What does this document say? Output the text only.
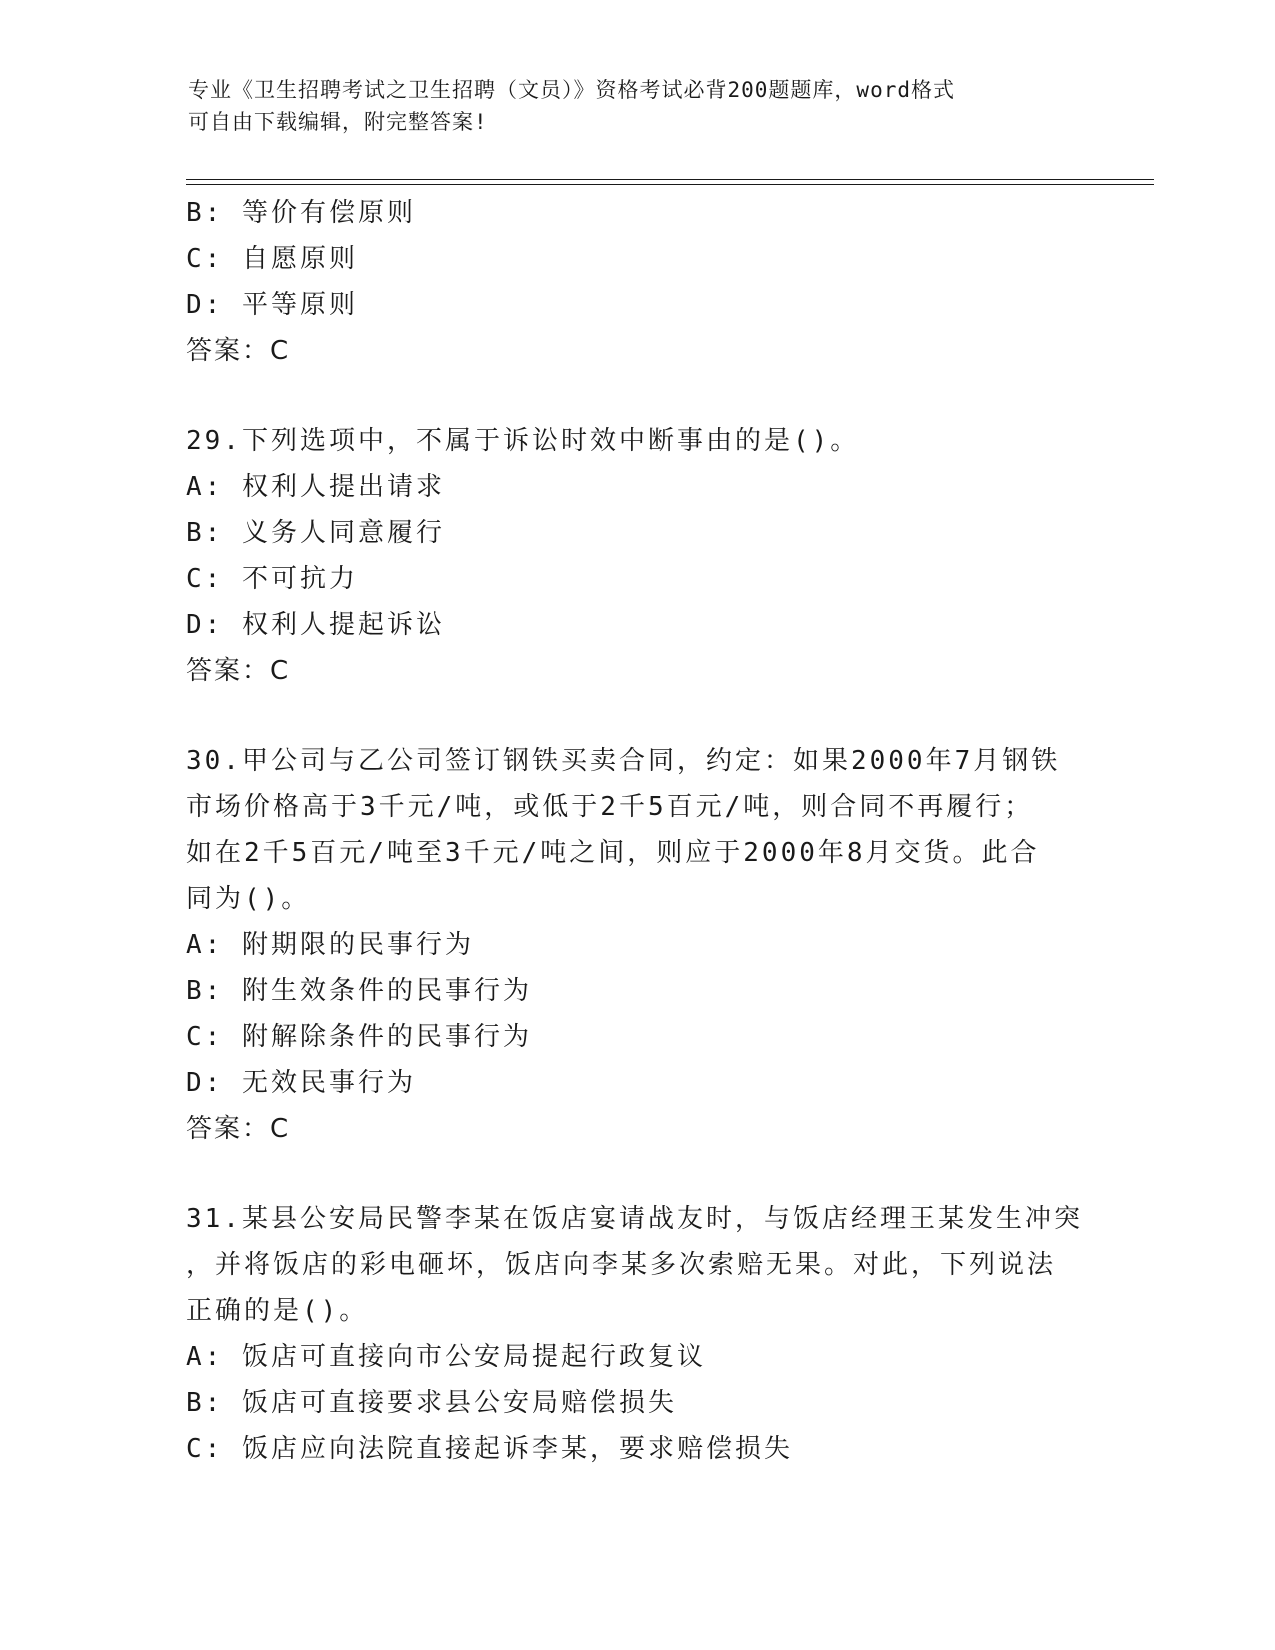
专业《卫生招聘考试之卫生招聘（文员）》资格考试必背200题题库，word格式
可自由下载编辑，附完整答案!
B: 等价有偿原则
C: 自愿原则
D: 平等原则
答案：C
29.下列选项中，不属于诉讼时效中断事由的是()。
A: 权利人提出请求
B: 义务人同意履行
C: 不可抗力
D: 权利人提起诉讼
答案：C
30.甲公司与乙公司签订钢铁买卖合同，约定：如果2000年7月钢铁
市场价格高于3千元/吨，或低于2千5百元/吨，则合同不再履行；
如在2千5百元/吨至3千元/吨之间，则应于2000年8月交货。此合
同为()。
A: 附期限的民事行为
B: 附生效条件的民事行为
C: 附解除条件的民事行为
D: 无效民事行为
答案：C
31.某县公安局民警李某在饭店宴请战友时，与饭店经理王某发生冲突
，并将饭店的彩电砸坏，饭店向李某多次索赔无果。对此，下列说法
正确的是()。
A: 饭店可直接向市公安局提起行政复议
B: 饭店可直接要求县公安局赔偿损失
C: 饭店应向法院直接起诉李某，要求赔偿损失
